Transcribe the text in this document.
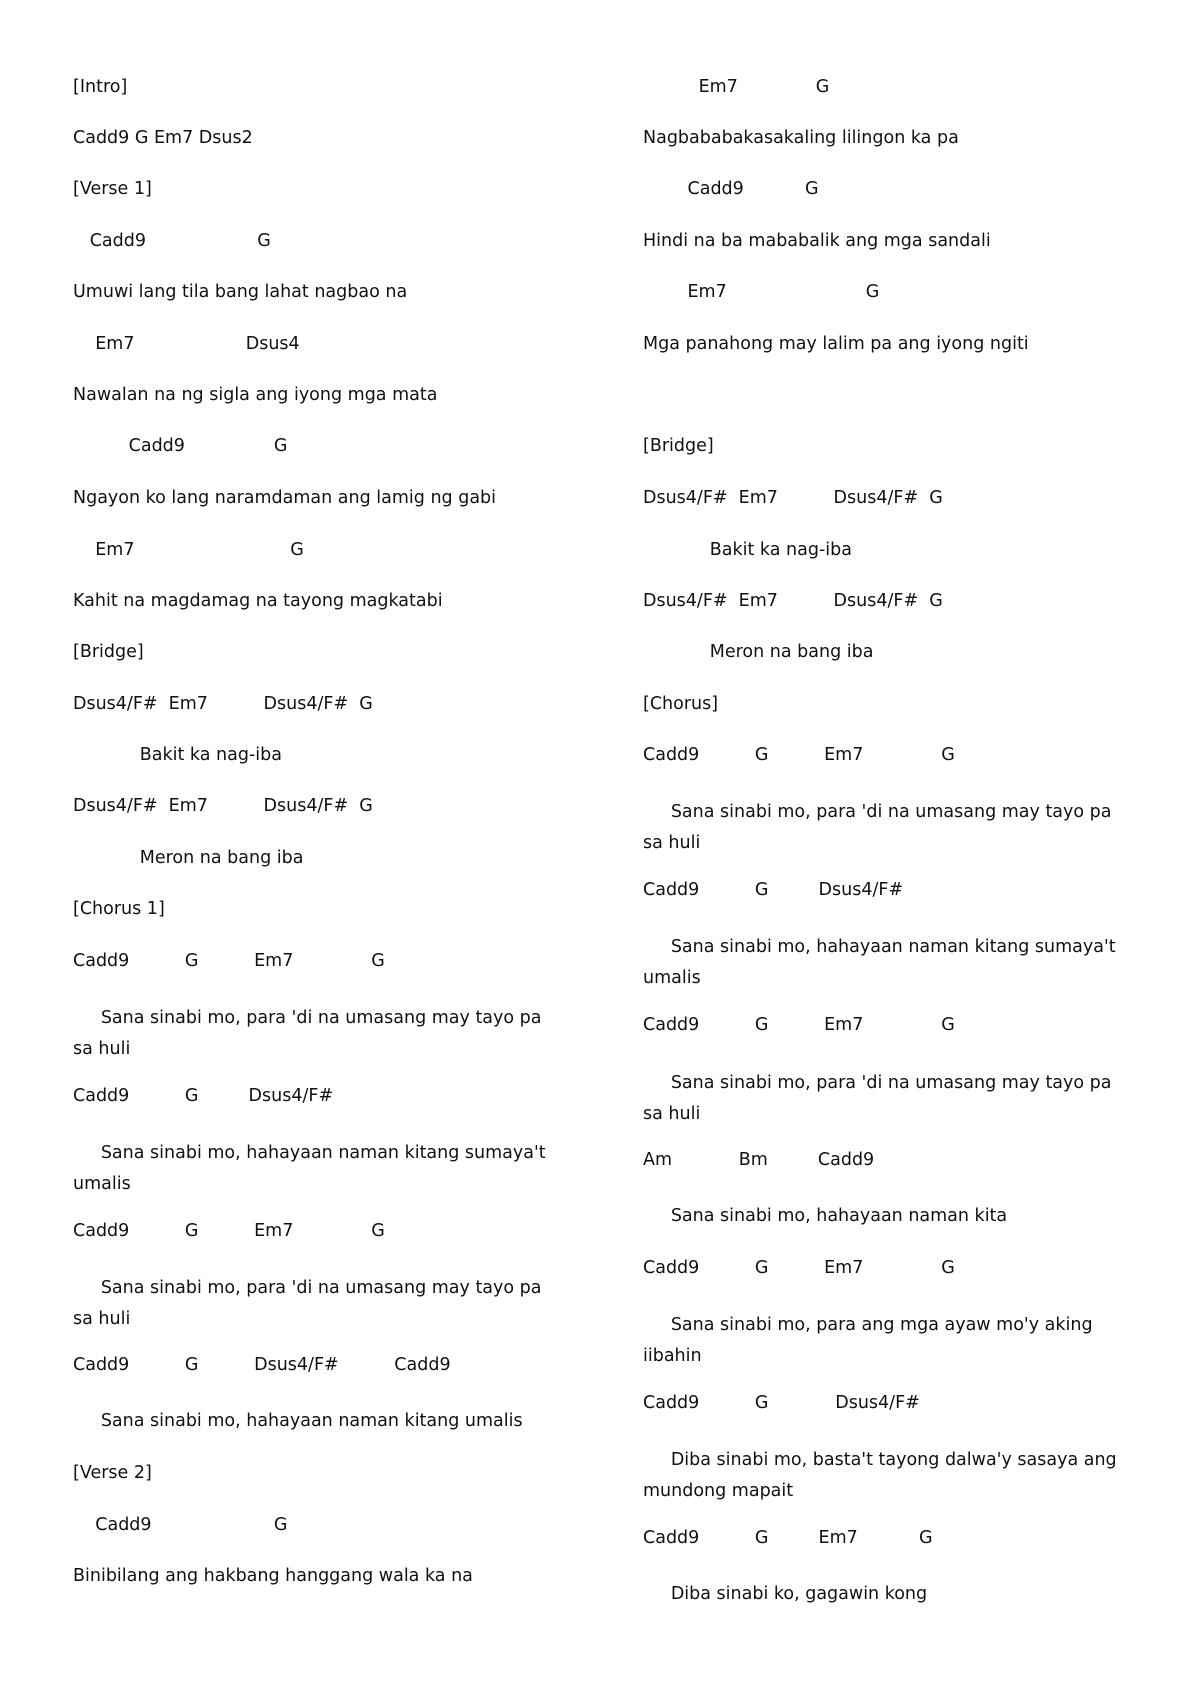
[Intro]
Cadd9 G Em7 Dsus2
[Verse 1]
Cadd9                    G
Umuwi lang tila bang lahat nagbao na
Em7                    Dsus4
Nawalan na ng sigla ang iyong mga mata
Cadd9                G
Ngayon ko lang naramdaman ang lamig ng gabi
Em7                            G
Kahit na magdamag na tayong magkatabi
[Bridge]
Dsus4/F#  Em7          Dsus4/F#  G
Bakit ka nag-iba
Dsus4/F#  Em7          Dsus4/F#  G
Meron na bang iba
[Chorus 1]
Cadd9          G          Em7              G
Sana sinabi mo, para 'di na umasang may tayo pa sa huli
Cadd9          G         Dsus4/F#
Sana sinabi mo, hahayaan naman kitang sumaya't umalis
Cadd9          G          Em7              G
Sana sinabi mo, para 'di na umasang may tayo pa sa huli
Cadd9          G          Dsus4/F#          Cadd9
Sana sinabi mo, hahayaan naman kitang umalis
[Verse 2]
Cadd9                      G
Binibilang ang hakbang hanggang wala ka na
Em7              G
Nagbababakasakaling lilingon ka pa
Cadd9           G
Hindi na ba mababalik ang mga sandali
Em7                         G
Mga panahong may lalim pa ang iyong ngiti
[Bridge]
Dsus4/F#  Em7          Dsus4/F#  G
Bakit ka nag-iba
Dsus4/F#  Em7          Dsus4/F#  G
Meron na bang iba
[Chorus]
Cadd9          G          Em7              G
Sana sinabi mo, para 'di na umasang may tayo pa sa huli
Cadd9          G         Dsus4/F#
Sana sinabi mo, hahayaan naman kitang sumaya't umalis
Cadd9          G          Em7              G
Sana sinabi mo, para 'di na umasang may tayo pa sa huli
Am            Bm         Cadd9
Sana sinabi mo, hahayaan naman kita
Cadd9          G          Em7              G
Sana sinabi mo, para ang mga ayaw mo'y aking iibahin
Cadd9          G            Dsus4/F#
Diba sinabi mo, basta't tayong dalwa'y sasaya ang mundong mapait
Cadd9          G         Em7           G
Diba sinabi ko, gagawin kong
